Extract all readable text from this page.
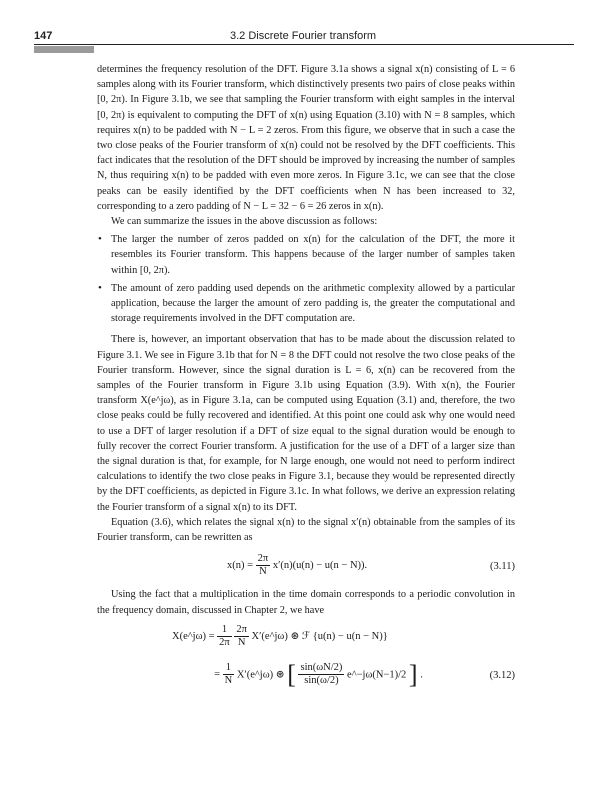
147	3.2 Discrete Fourier transform

determines the frequency resolution of the DFT. Figure 3.1a shows a signal x(n) consisting of L = 6 samples along with its Fourier transform, which distinctively presents two pairs of close peaks within [0, 2π). In Figure 3.1b, we see that sampling the Fourier transform with eight samples in the interval [0, 2π) is equivalent to computing the DFT of x(n) using Equation (3.10) with N = 8 samples, which requires x(n) to be padded with N − L = 2 zeros. From this figure, we observe that in such a case the two close peaks of the Fourier transform of x(n) could not be resolved by the DFT coefficients. This fact indicates that the resolution of the DFT should be improved by increasing the number of samples N, thus requiring x(n) to be padded with even more zeros. In Figure 3.1c, we can see that the close peaks can be easily identified by the DFT coefficients when N has been increased to 32, corresponding to a zero padding of N − L = 32 − 6 = 26 zeros in x(n).

We can summarize the issues in the above discussion as follows:

• The larger the number of zeros padded on x(n) for the calculation of the DFT, the more it resembles its Fourier transform. This happens because of the larger number of samples taken within [0, 2π).
• The amount of zero padding used depends on the arithmetic complexity allowed by a particular application, because the larger the amount of zero padding is, the greater the computational and storage requirements involved in the DFT computation are.

There is, however, an important observation that has to be made about the discussion related to Figure 3.1. We see in Figure 3.1b that for N = 8 the DFT could not resolve the two close peaks of the Fourier transform. However, since the signal duration is L = 6, x(n) can be recovered from the samples of the Fourier transform in Figure 3.1b using Equation (3.9). With x(n), the Fourier transform X(e^jω), as in Figure 3.1a, can be computed using Equation (3.1) and, therefore, the two close peaks could be fully recovered and identified. At this point one could ask why one would need to use a DFT of larger resolution if a DFT of size equal to the signal duration would be enough to fully recover the correct Fourier transform. A justification for the use of a DFT of a larger size than the signal duration is that, for example, for N large enough, one would not need to perform indirect calculations to identify the two close peaks in Figure 3.1, because they would be represented directly by the DFT coefficients, as depicted in Figure 3.1c. In what follows, we derive an expression relating the Fourier transform of a signal x(n) to its DFT.

Equation (3.6), which relates the signal x(n) to the signal x′(n) obtainable from the samples of its Fourier transform, can be rewritten as

$x(n) = \frac{2\pi}{N} x'(n)(u(n) - u(n - N))$.	(3.11)

Using the fact that a multiplication in the time domain corresponds to a periodic convolution in the frequency domain, discussed in Chapter 2, we have

X(e^jω) = $\frac{1}{2\pi}$
$\frac{2\pi}{N}$ X′(e^jω) ⊛ ℱ {u(n) − u(n − N)}
= $\frac{1}{N}$ X′(e^jω) ⊛ [ $\frac{\sin(\omega N/2)}{\sin(\omega/2)}$ e^−jω(N−1)/2 ] .	(3.12)
